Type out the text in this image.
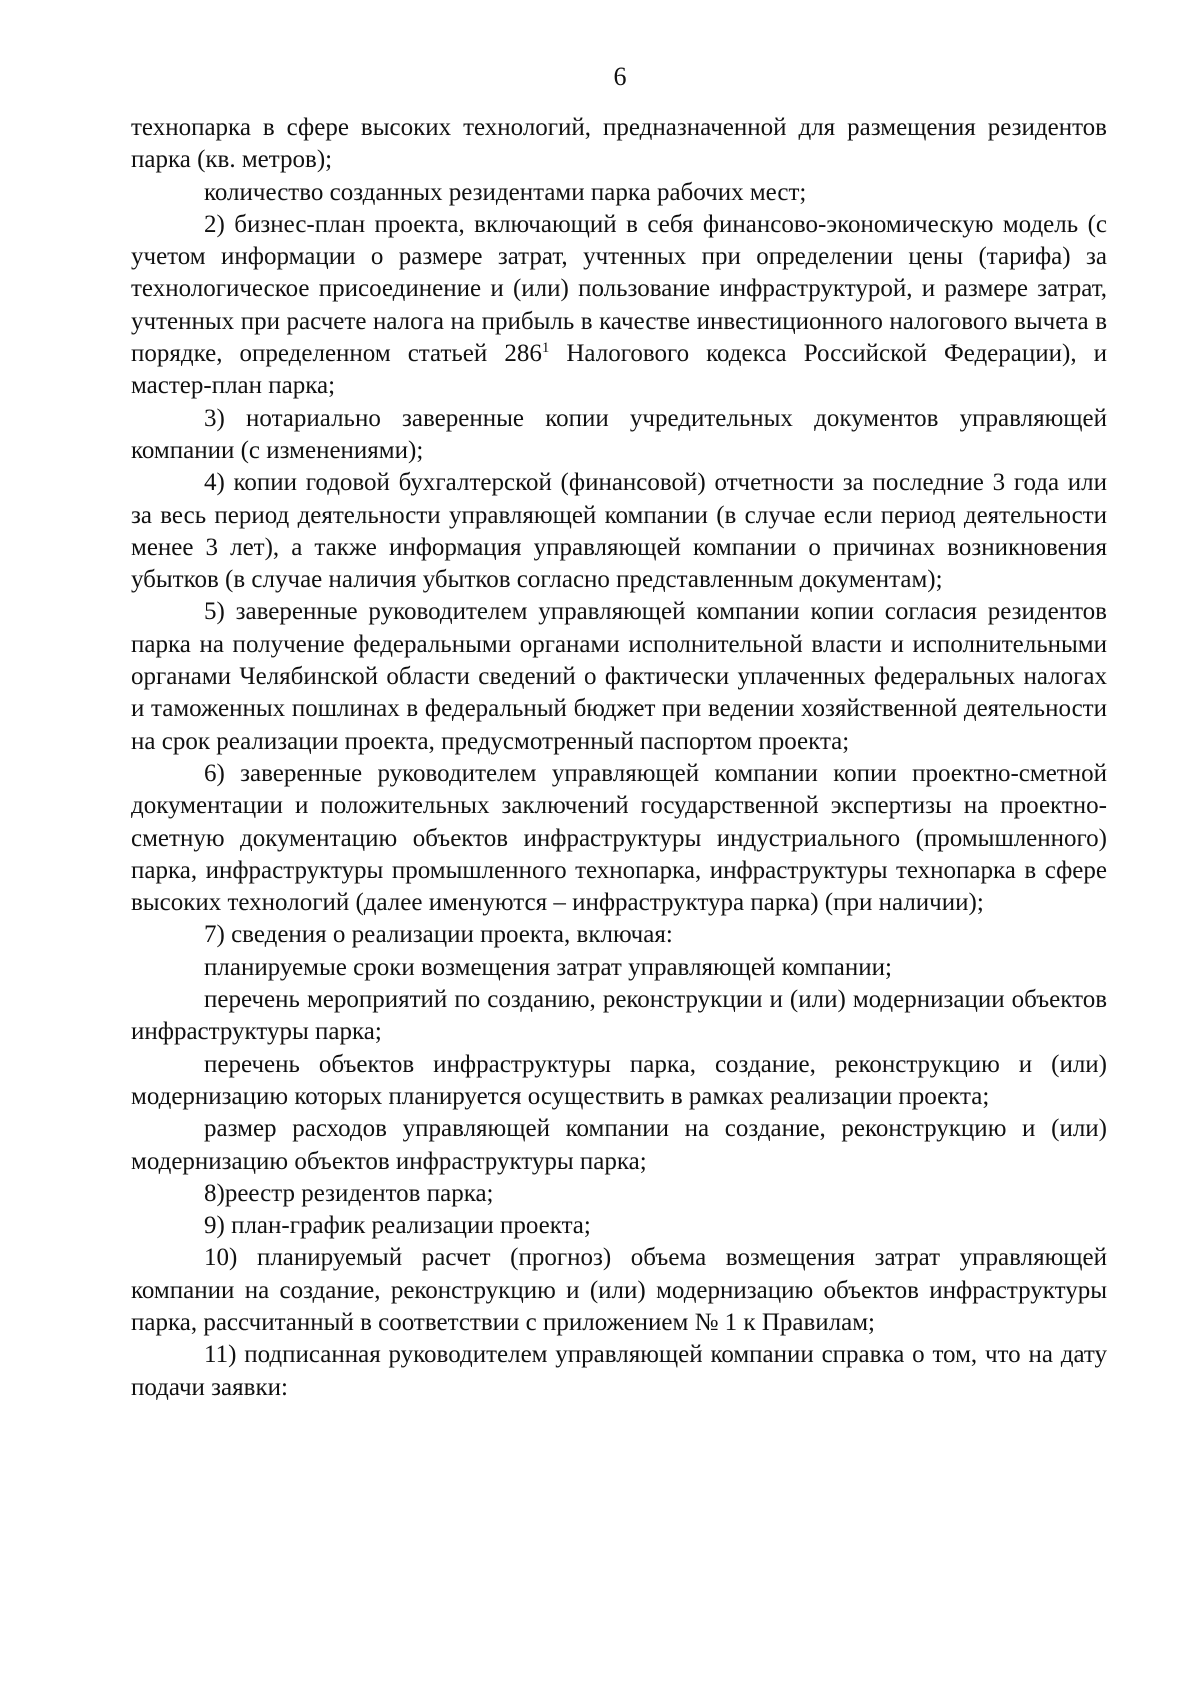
6

технопарка в сфере высоких технологий, предназначенной для размещения резидентов парка (кв. метров);

количество созданных резидентами парка рабочих мест;

2) бизнес-план проекта, включающий в себя финансово-экономическую модель (с учетом информации о размере затрат, учтенных при определении цены (тарифа) за технологическое присоединение и (или) пользование инфраструктурой, и размере затрат, учтенных при расчете налога на прибыль в качестве инвестиционного налогового вычета в порядке, определенном статьей $286^1$ Налогового кодекса Российской Федерации), и мастер-план парка;

3) нотариально заверенные копии учредительных документов управляющей компании (с изменениями);

4) копии годовой бухгалтерской (финансовой) отчетности за последние 3 года или за весь период деятельности управляющей компании (в случае если период деятельности менее 3 лет), а также информация управляющей компании о причинах возникновения убытков (в случае наличия убытков согласно представленным документам);

5) заверенные руководителем управляющей компании копии согласия резидентов парка на получение федеральными органами исполнительной власти и исполнительными органами Челябинской области сведений о фактически уплаченных федеральных налогах и таможенных пошлинах в федеральный бюджет при ведении хозяйственной деятельности на срок реализации проекта, предусмотренный паспортом проекта;

6) заверенные руководителем управляющей компании копии проектно-сметной документации и положительных заключений государственной экспертизы на проектно-сметную документацию объектов инфраструктуры индустриального (промышленного) парка, инфраструктуры промышленного технопарка, инфраструктуры технопарка в сфере высоких технологий (далее именуются – инфраструктура парка) (при наличии);

7) сведения о реализации проекта, включая:

планируемые сроки возмещения затрат управляющей компании;

перечень мероприятий по созданию, реконструкции и (или) модернизации объектов инфраструктуры парка;

перечень объектов инфраструктуры парка, создание, реконструкцию и (или) модернизацию которых планируется осуществить в рамках реализации проекта;

размер расходов управляющей компании на создание, реконструкцию и (или) модернизацию объектов инфраструктуры парка;

8)реестр резидентов парка;

9) план-график реализации проекта;

10) планируемый расчет (прогноз) объема возмещения затрат управляющей компании на создание, реконструкцию и (или) модернизацию объектов инфраструктуры парка, рассчитанный в соответствии с приложением № 1 к Правилам;

11) подписанная руководителем управляющей компании справка о том, что на дату подачи заявки:
